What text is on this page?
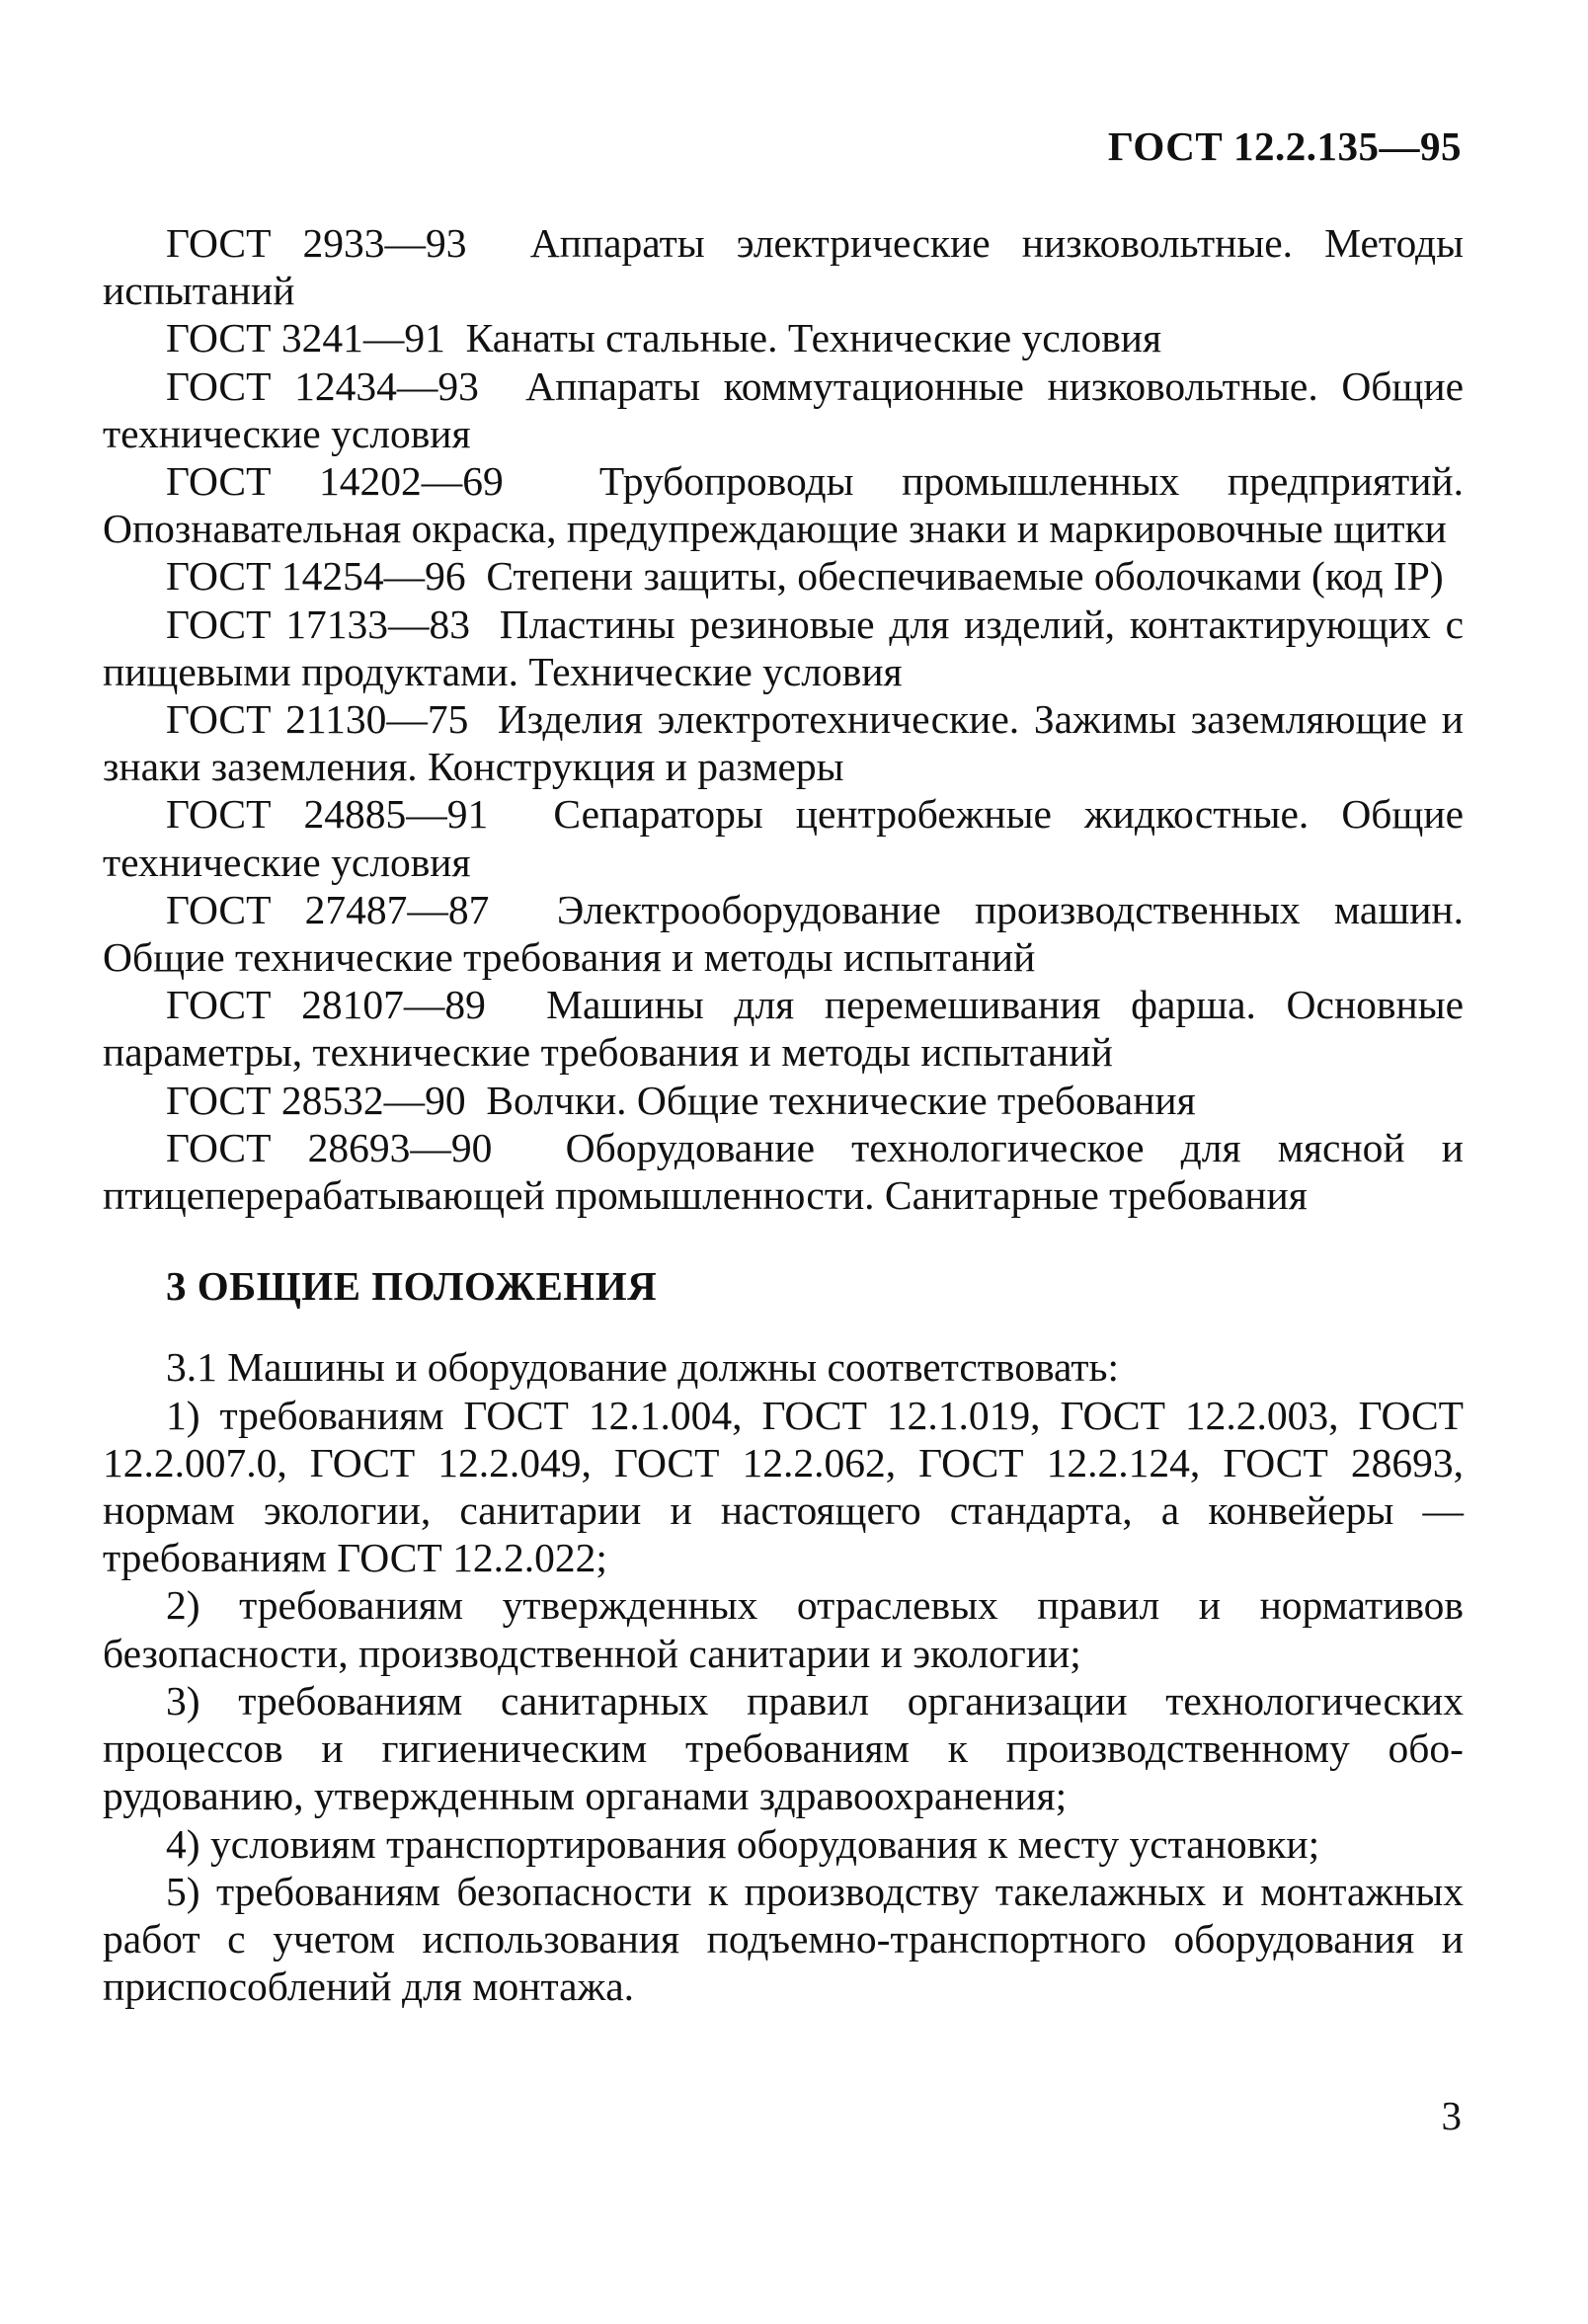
ГОСТ 12.2.135—95

ГОСТ 2933—93 Аппараты электрические низковольтные. Методы испытаний

ГОСТ 3241—91 Канаты стальные. Технические условия

ГОСТ 12434—93 Аппараты коммутационные низковольтные. Общие технические условия

ГОСТ 14202—69 Трубопроводы промышленных предприятий. Опознавательная окраска, предупреждающие знаки и маркировочные щитки

ГОСТ 14254—96 Степени защиты, обеспечиваемые оболочками (код IP)

ГОСТ 17133—83 Пластины резиновые для изделий, контактирующих с пищевыми продуктами. Технические условия

ГОСТ 21130—75 Изделия электротехнические. Зажимы заземляющие и знаки заземления. Конструкция и размеры

ГОСТ 24885—91 Сепараторы центробежные жидкостные. Общие технические условия

ГОСТ 27487—87 Электрооборудование производственных машин. Общие технические требования и методы испытаний

ГОСТ 28107—89 Машины для перемешивания фарша. Основные параметры, технические требования и методы испытаний

ГОСТ 28532—90 Волчки. Общие технические требования

ГОСТ 28693—90 Оборудование технологическое для мясной и птицеперерабатывающей промышленности. Санитарные требования

3 ОБЩИЕ ПОЛОЖЕНИЯ

3.1 Машины и оборудование должны соответствовать:

1) требованиям ГОСТ 12.1.004, ГОСТ 12.1.019, ГОСТ 12.2.003, ГОСТ 12.2.007.0, ГОСТ 12.2.049, ГОСТ 12.2.062, ГОСТ 12.2.124, ГОСТ 28693, нормам экологии, санитарии и настоящего стандарта, а конвейеры — требованиям ГОСТ 12.2.022;

2) требованиям утвержденных отраслевых правил и нормативов безопасности, производственной санитарии и экологии;

3) требованиям санитарных правил организации технологических процессов и гигиеническим требованиям к производственному оборудованию, утвержденным органами здравоохранения;

4) условиям транспортирования оборудования к месту установки;

5) требованиям безопасности к производству такелажных и монтажных работ с учетом использования подъемно-транспортного оборудования и приспособлений для монтажа.

3
